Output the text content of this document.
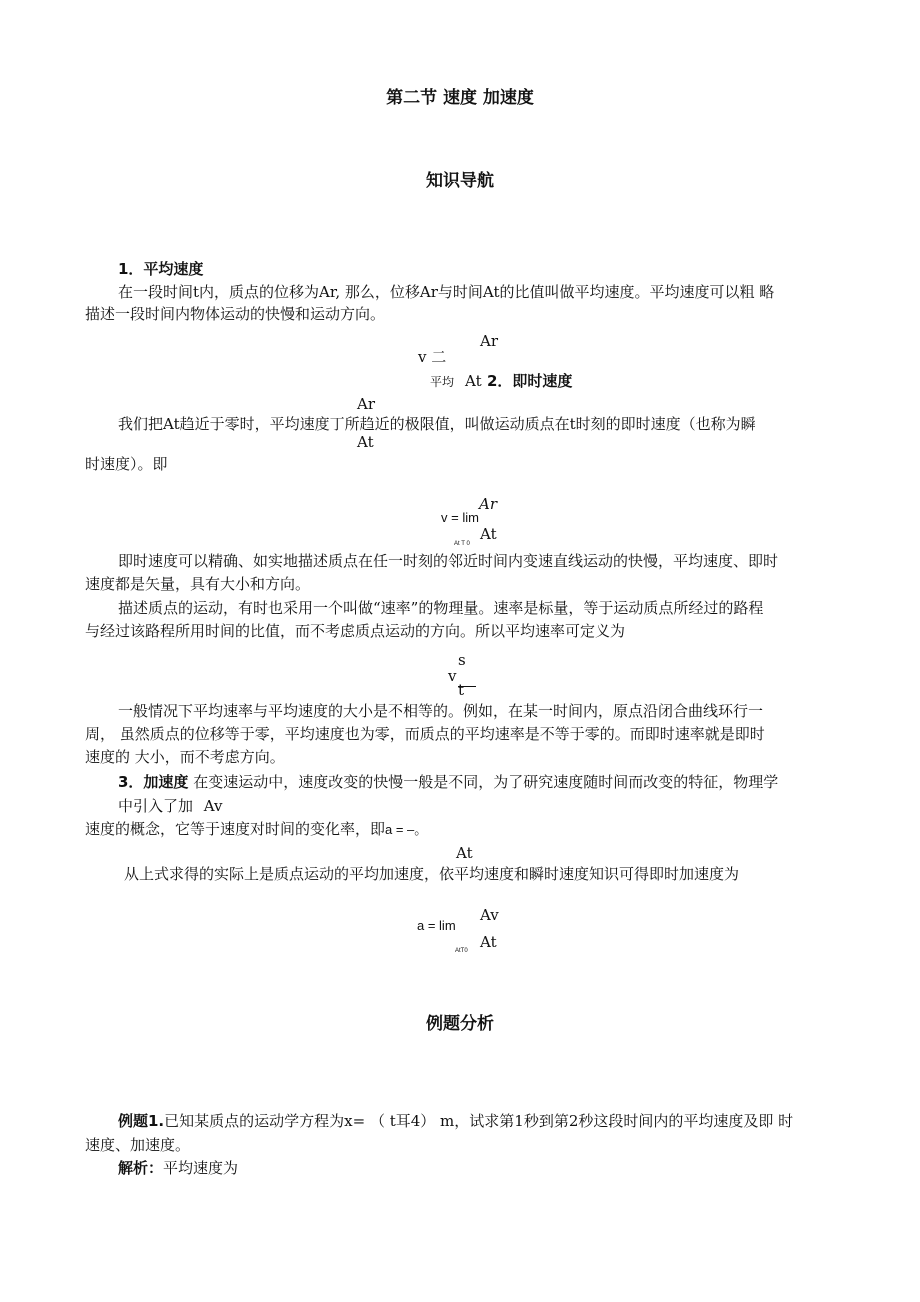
第二节 速度 加速度
知识导航
1．平均速度
在一段时间t内，质点的位移为Ar, 那么，位移Ar与时间At的比值叫做平均速度。平均速度可以粗 略
描述一段时间内物体运动的快慢和运动方向。
Ar
v 二
平均 At 2．即时速度
Ar
我们把At趋近于零时，平均速度丁所趋近的极限值，叫做运动质点在t时刻的即时速度（也称为瞬
At
时速度）。即
Ar
v = lim
At
At T 0
即时速度可以精确、如实地描述质点在任一时刻的邻近时间内变速直线运动的快慢，平均速度、即时
速度都是矢量，具有大小和方向。
描述质点的运动，有时也采用一个叫做“速率”的物理量。速率是标量，等于运动质点所经过的路程
与经过该路程所用时间的比值，而不考虑质点运动的方向。所以平均速率可定义为
s
v
t
一般情况下平均速率与平均速度的大小是不相等的。例如，在某一时间内，原点沿闭合曲线环行一
周， 虽然质点的位移等于零，平均速度也为零，而质点的平均速率是不等于零的。而即时速率就是即时
速度的 大小，而不考虑方向。
3．加速度 在变速运动中，速度改变的快慢一般是不同，为了研究速度随时间而改变的特征，物理学
中引入了加 Av
速度的概念，它等于速度对时间的变化率，即a = –。
At
从上式求得的实际上是质点运动的平均加速度，依平均速度和瞬时速度知识可得即时加速度为
Av
a = lim
At
AtT0
例题分析
例题1.已知某质点的运动学方程为x= （ t耳4） m，试求第1秒到第2秒这段时间内的平均速度及即 时
速度、加速度。
解析：平均速度为
